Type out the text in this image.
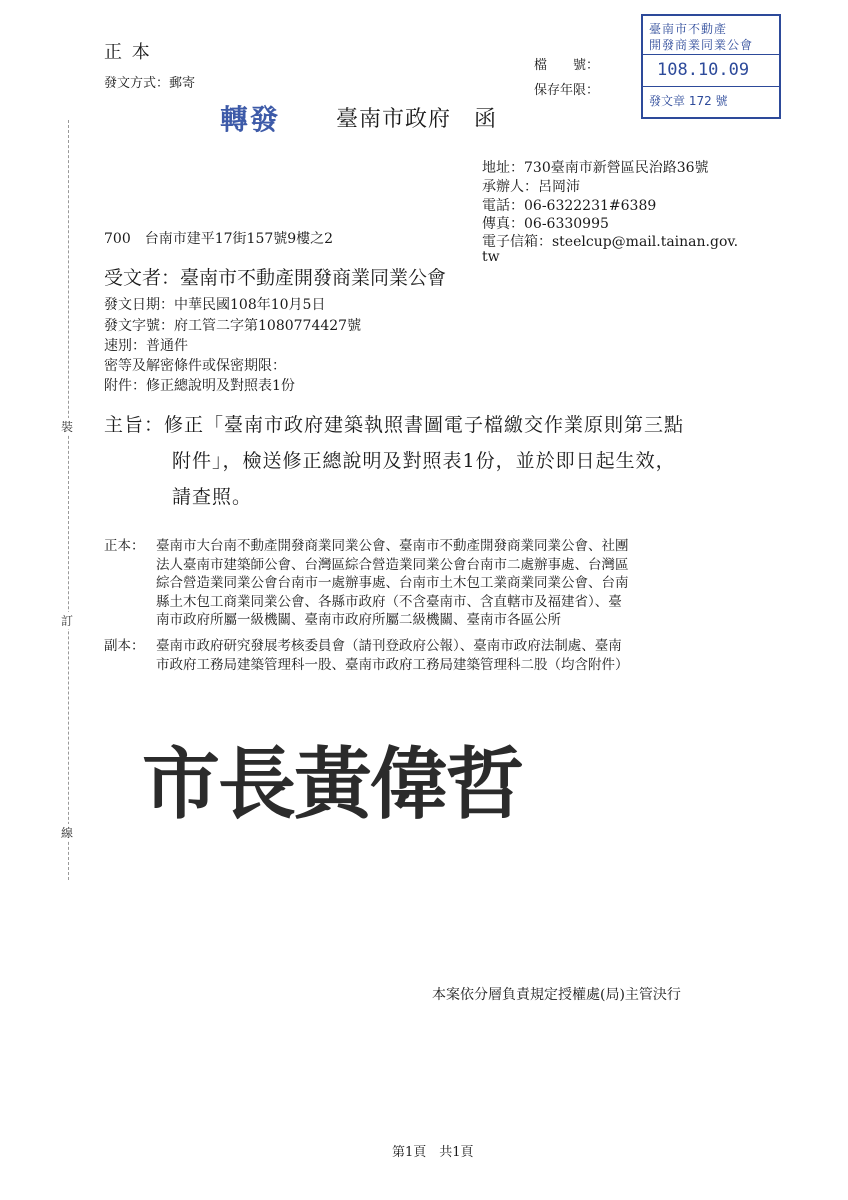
裝
訂
線
正 本
發文方式：郵寄
檔　　號：
保存年限：
臺南市不動產
開發商業同業公會
108.10.09
發文章 172 號
轉發	臺南市政府　函
地址：730臺南市新營區民治路36號
承辦人：呂岡沛
電話：06-6322231#6389
傳真：06-6330995
電子信箱：steelcup@mail.tainan.gov.
tw
700　台南市建平17街157號9樓之2
受文者：臺南市不動產開發商業同業公會
發文日期：中華民國108年10月5日
發文字號：府工管二字第1080774427號
速別：普通件
密等及解密條件或保密期限：
附件：修正總說明及對照表1份
主旨：修正「臺南市政府建築執照書圖電子檔繳交作業原則第三點
附件」，檢送修正總說明及對照表1份，並於即日起生效，
請查照。
正本： 臺南市大台南不動產開發商業同業公會、臺南市不動產開發商業同業公會、社團
法人臺南市建築師公會、台灣區綜合營造業同業公會台南市二處辦事處、台灣區
綜合營造業同業公會台南市一處辦事處、台南市土木包工業商業同業公會、台南
縣土木包工商業同業公會、各縣市政府（不含臺南市、含直轄市及福建省）、臺
南市政府所屬一級機關、臺南市政府所屬二級機關、臺南市各區公所
副本： 臺南市政府研究發展考核委員會（請刊登政府公報）、臺南市政府法制處、臺南
市政府工務局建築管理科一股、臺南市政府工務局建築管理科二股（均含附件）
市長黃偉哲
本案依分層負責規定授權處(局)主管決行
第1頁　共1頁
